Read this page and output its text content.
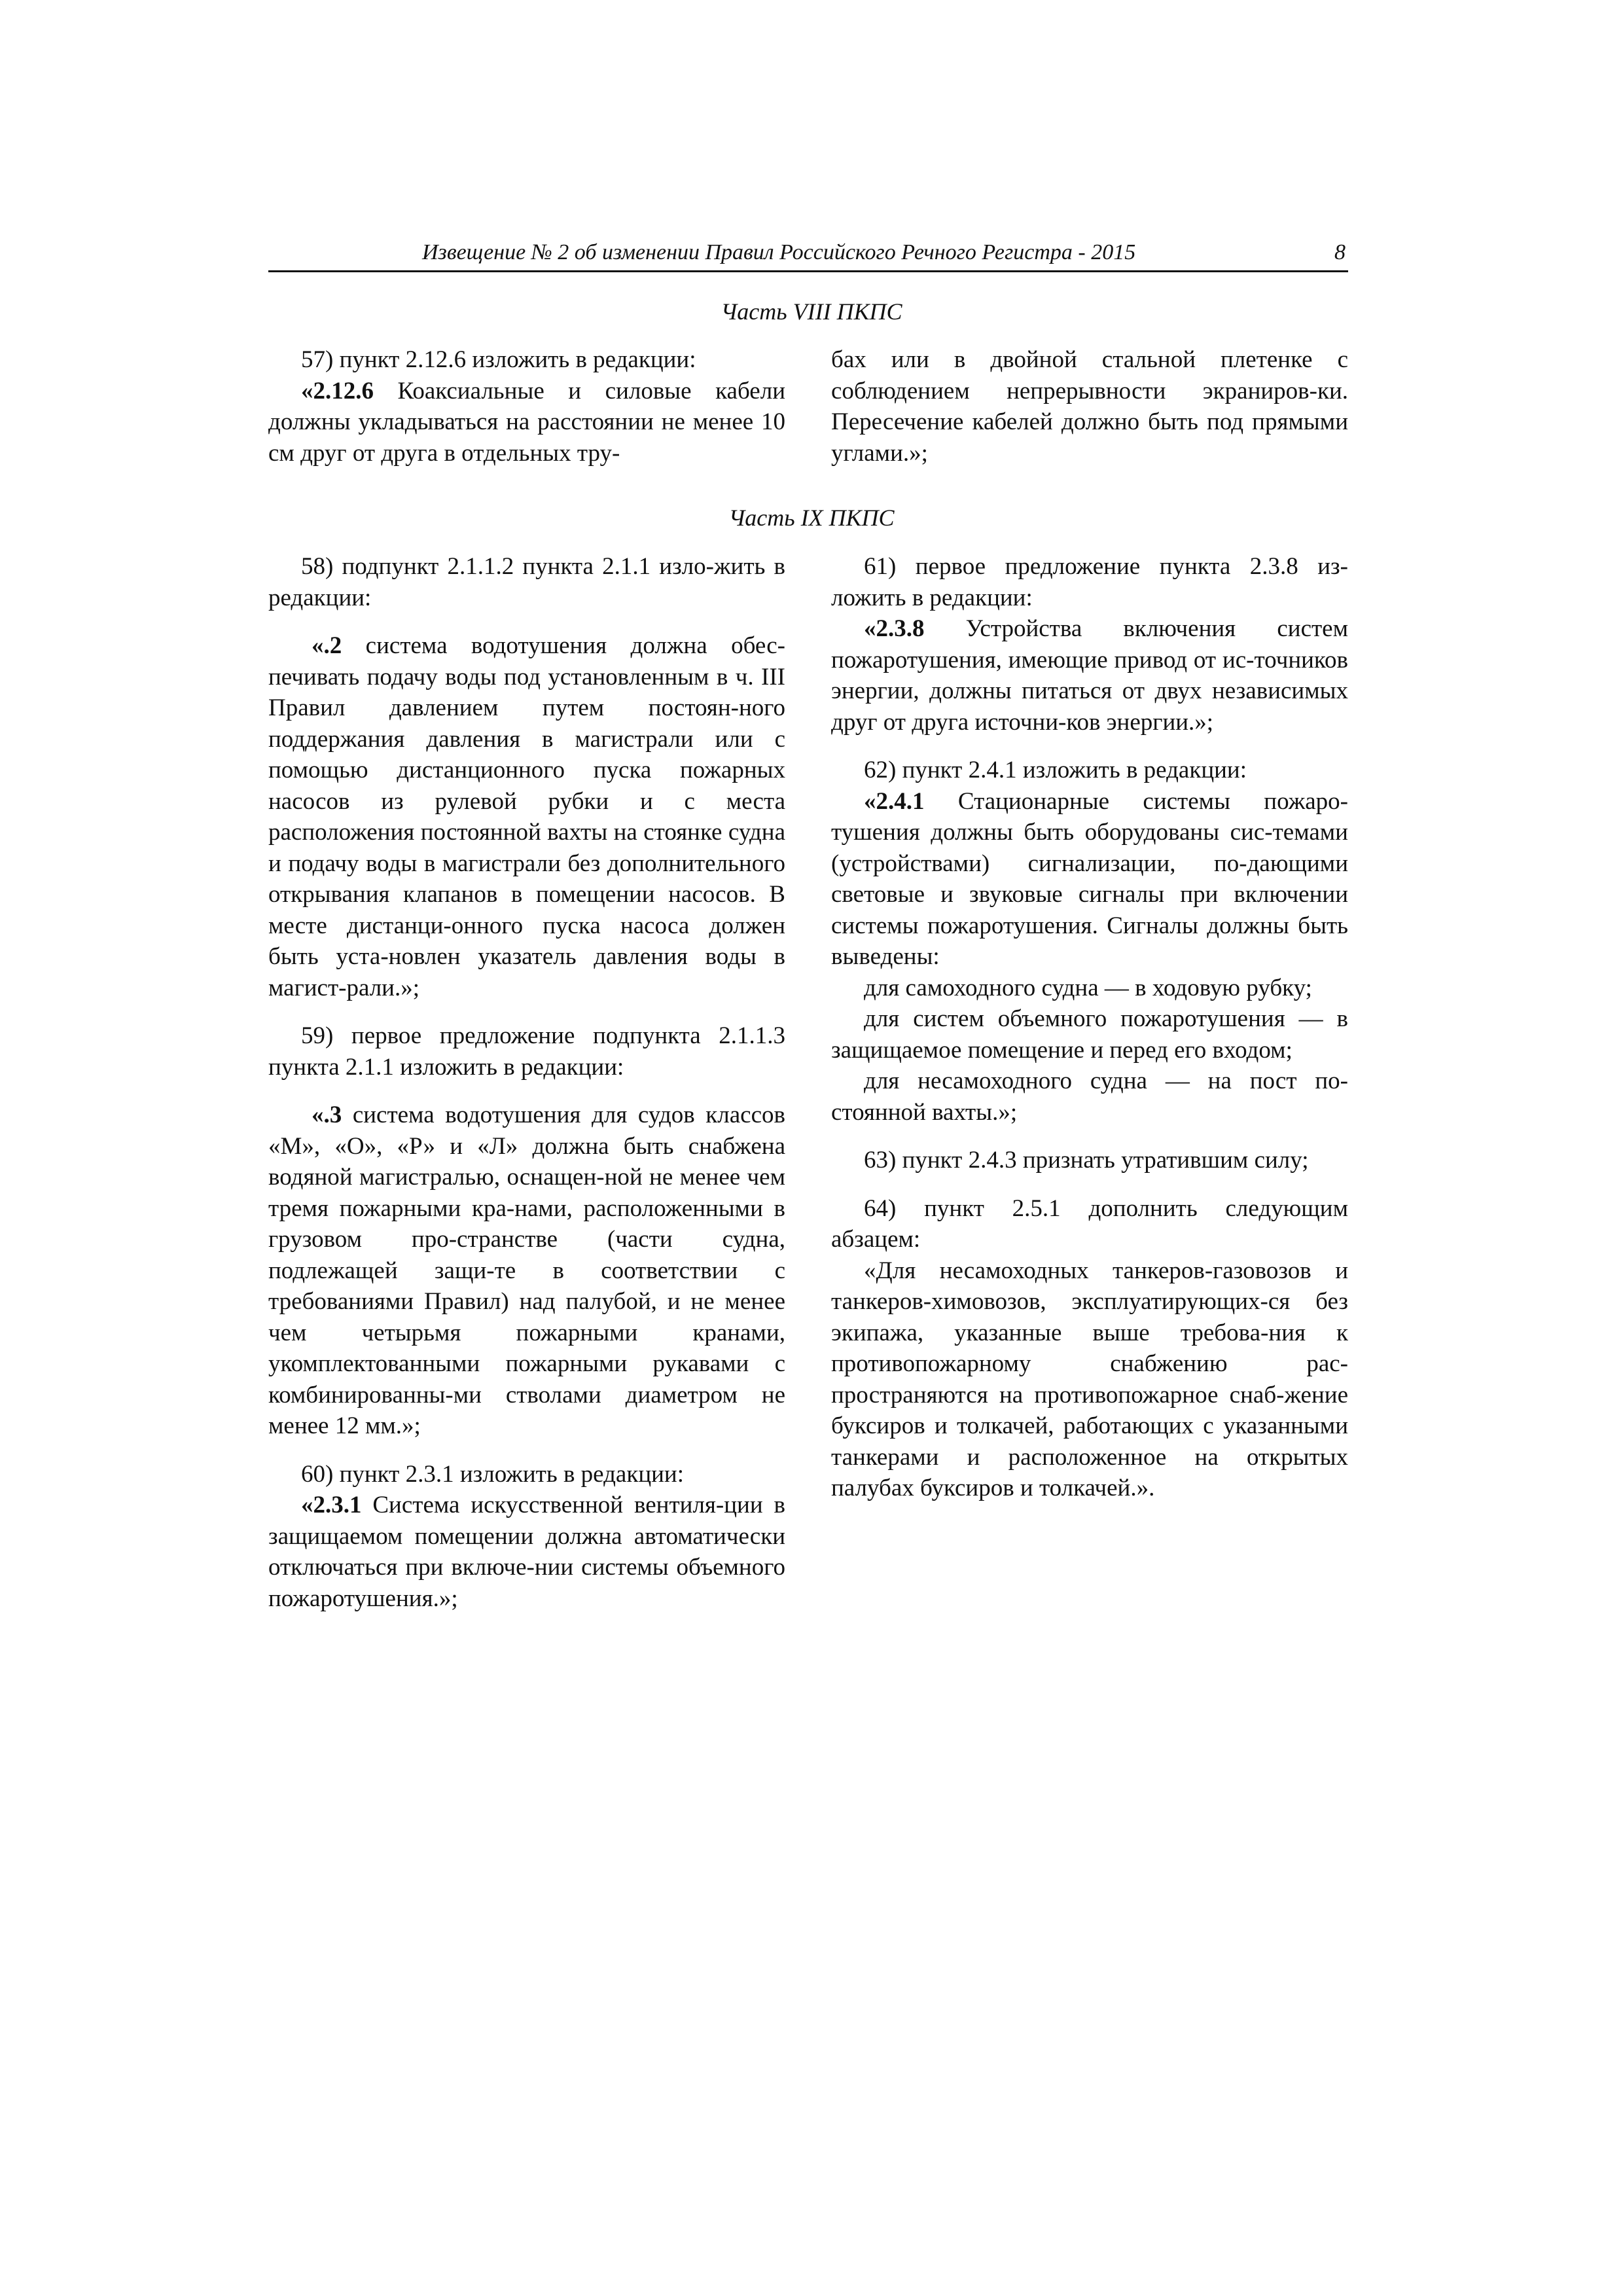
Извещение № 2 об изменении Правил Российского Речного Регистра - 2015	8
Часть VIII ПКПС

57) пункт 2.12.6 изложить в редакции:

«2.12.6 Коаксиальные и силовые кабели должны укладываться на расстоянии не менее 10 см друг от друга в отдельных тру-

бах или в двойной стальной плетенке с соблюдением непрерывности экраниров-ки. Пересечение кабелей должно быть под прямыми углами.»;

Часть IX ПКПС

58) подпункт 2.1.1.2 пункта 2.1.1 изло-жить в редакции:

«.2 система водотушения должна обес-печивать подачу воды под установленным в ч. III Правил давлением путем постоян-ного поддержания давления в магистрали или с помощью дистанционного пуска пожарных насосов из рулевой рубки и с места расположения постоянной вахты на стоянке судна и подачу воды в магистрали без дополнительного открывания клапанов в помещении насосов. В месте дистанци-онного пуска насоса должен быть уста-новлен указатель давления воды в магист-рали.»;

59) первое предложение подпункта 2.1.1.3 пункта 2.1.1 изложить в редакции:

«.3 система водотушения для судов классов «М», «О», «Р» и «Л» должна быть снабжена водяной магистралью, оснащен-ной не менее чем тремя пожарными кра-нами, расположенными в грузовом про-странстве (части судна, подлежащей защи-те в соответствии с требованиями Правил) над палубой, и не менее чем четырьмя пожарными кранами, укомплектованными пожарными рукавами с комбинированны-ми стволами диаметром не менее 12 мм.»;

60) пункт 2.3.1 изложить в редакции:

«2.3.1 Система искусственной вентиля-ции в защищаемом помещении должна автоматически отключаться при включе-нии системы объемного пожаротушения.»;

61) первое предложение пункта 2.3.8 из-ложить в редакции:

«2.3.8 Устройства включения систем пожаротушения, имеющие привод от ис-точников энергии, должны питаться от двух независимых друг от друга источни-ков энергии.»;

62) пункт 2.4.1 изложить в редакции:

«2.4.1 Стационарные системы пожаро-тушения должны быть оборудованы сис-темами (устройствами) сигнализации, по-дающими световые и звуковые сигналы при включении системы пожаротушения. Сигналы должны быть выведены:

для самоходного судна — в ходовую рубку;

для систем объемного пожаротушения — в защищаемое помещение и перед его входом;

для несамоходного судна — на пост по-стоянной вахты.»;

63) пункт 2.4.3 признать утратившим силу;

64) пункт 2.5.1 дополнить следующим абзацем:

«Для несамоходных танкеров-газовозов и танкеров-химовозов, эксплуатирующих-ся без экипажа, указанные выше требова-ния к противопожарному снабжению рас-пространяются на противопожарное снаб-жение буксиров и толкачей, работающих с указанными танкерами и расположенное на открытых палубах буксиров и толкачей.».
